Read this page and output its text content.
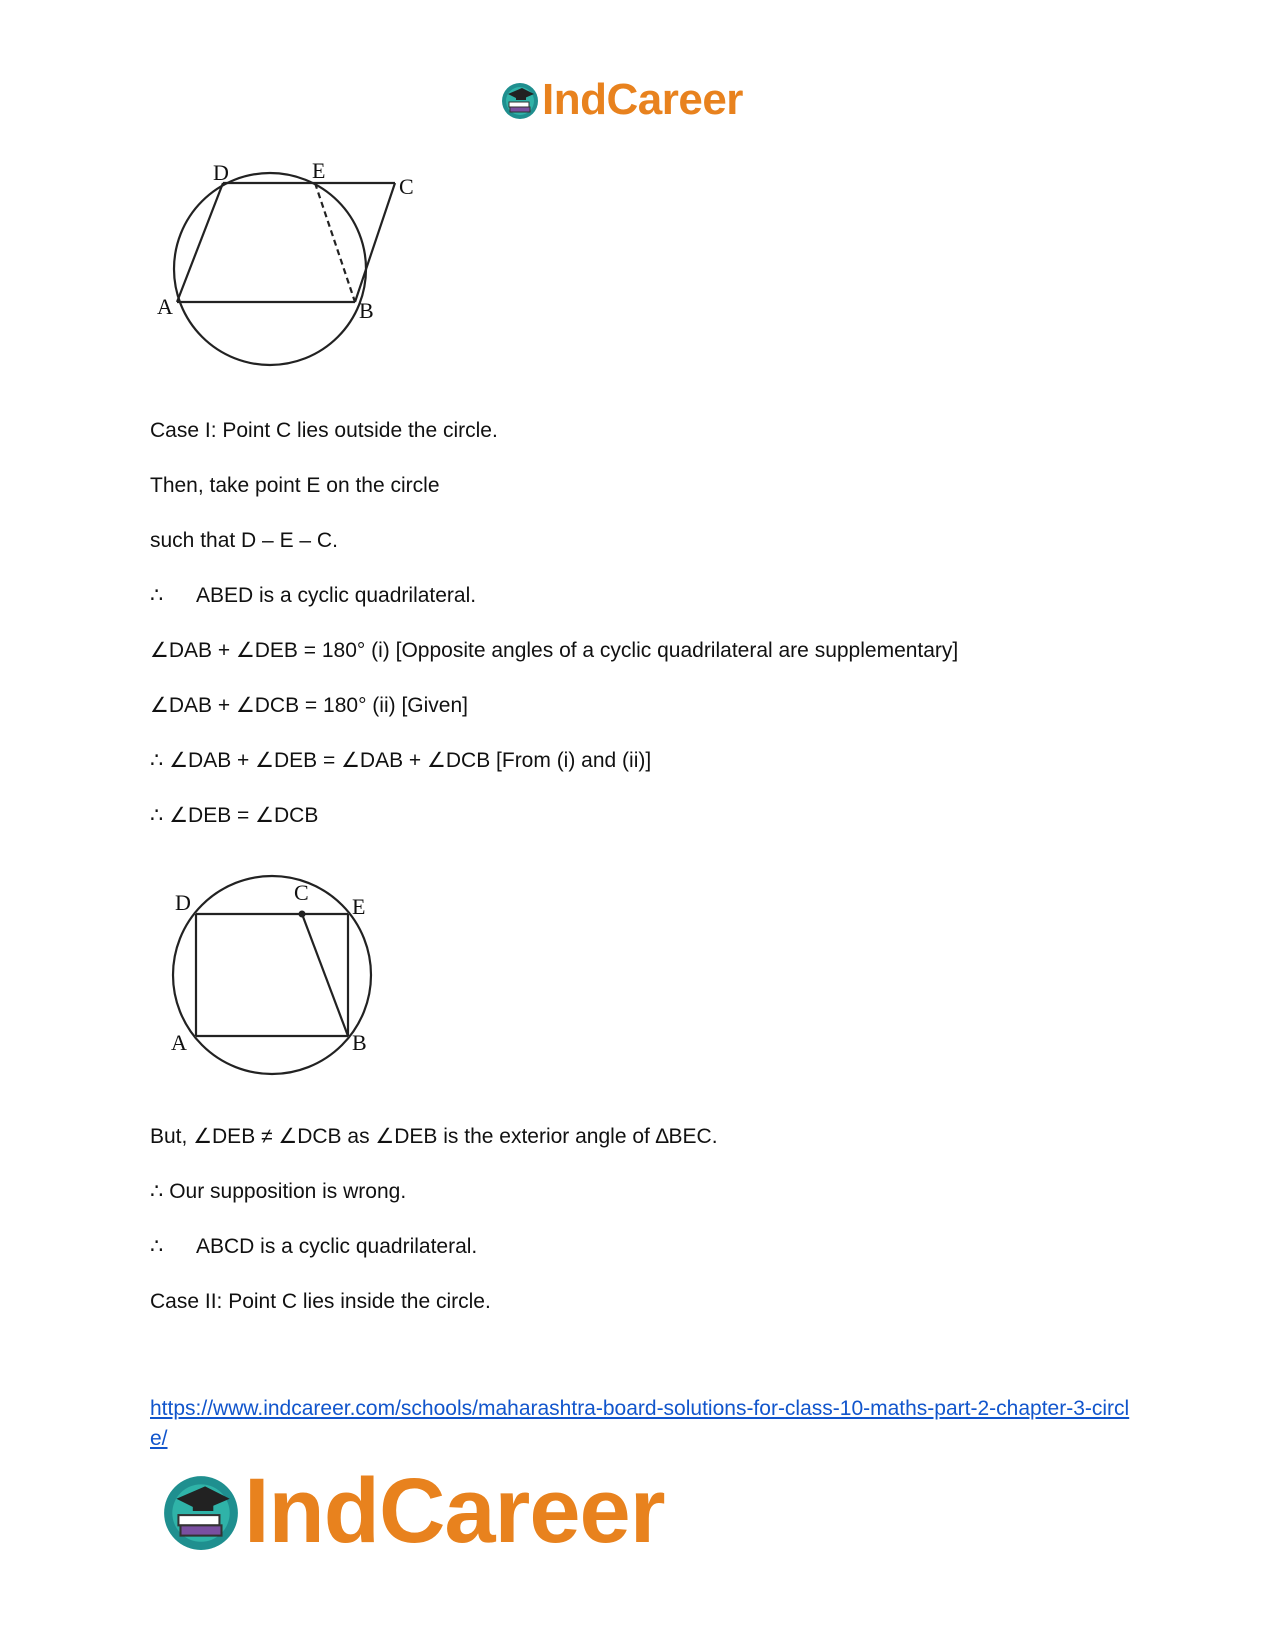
IndCareer
D	E
C
A	B
Case I: Point C lies outside the circle.
Then, take point E on the circle
such that D – E – C.
∴ ABED is a cyclic quadrilateral.
∠DAB + ∠DEB = 180° (i) [Opposite angles of a cyclic quadrilateral are supplementary]
∠DAB + ∠DCB = 180° (ii) [Given]
∴ ∠DAB + ∠DEB = ∠DAB + ∠DCB [From (i) and (ii)]
∴ ∠DEB = ∠DCB
D	C
E
A	B
But, ∠DEB ≠ ∠DCB as ∠DEB is the exterior angle of ∆BEC.
∴ Our supposition is wrong.
∴ ABCD is a cyclic quadrilateral.
Case II: Point C lies inside the circle.
https://www.indcareer.com/schools/maharashtra-board-solutions-for-class-10-maths-part-2-chapter-3-circle/
IndCareer
